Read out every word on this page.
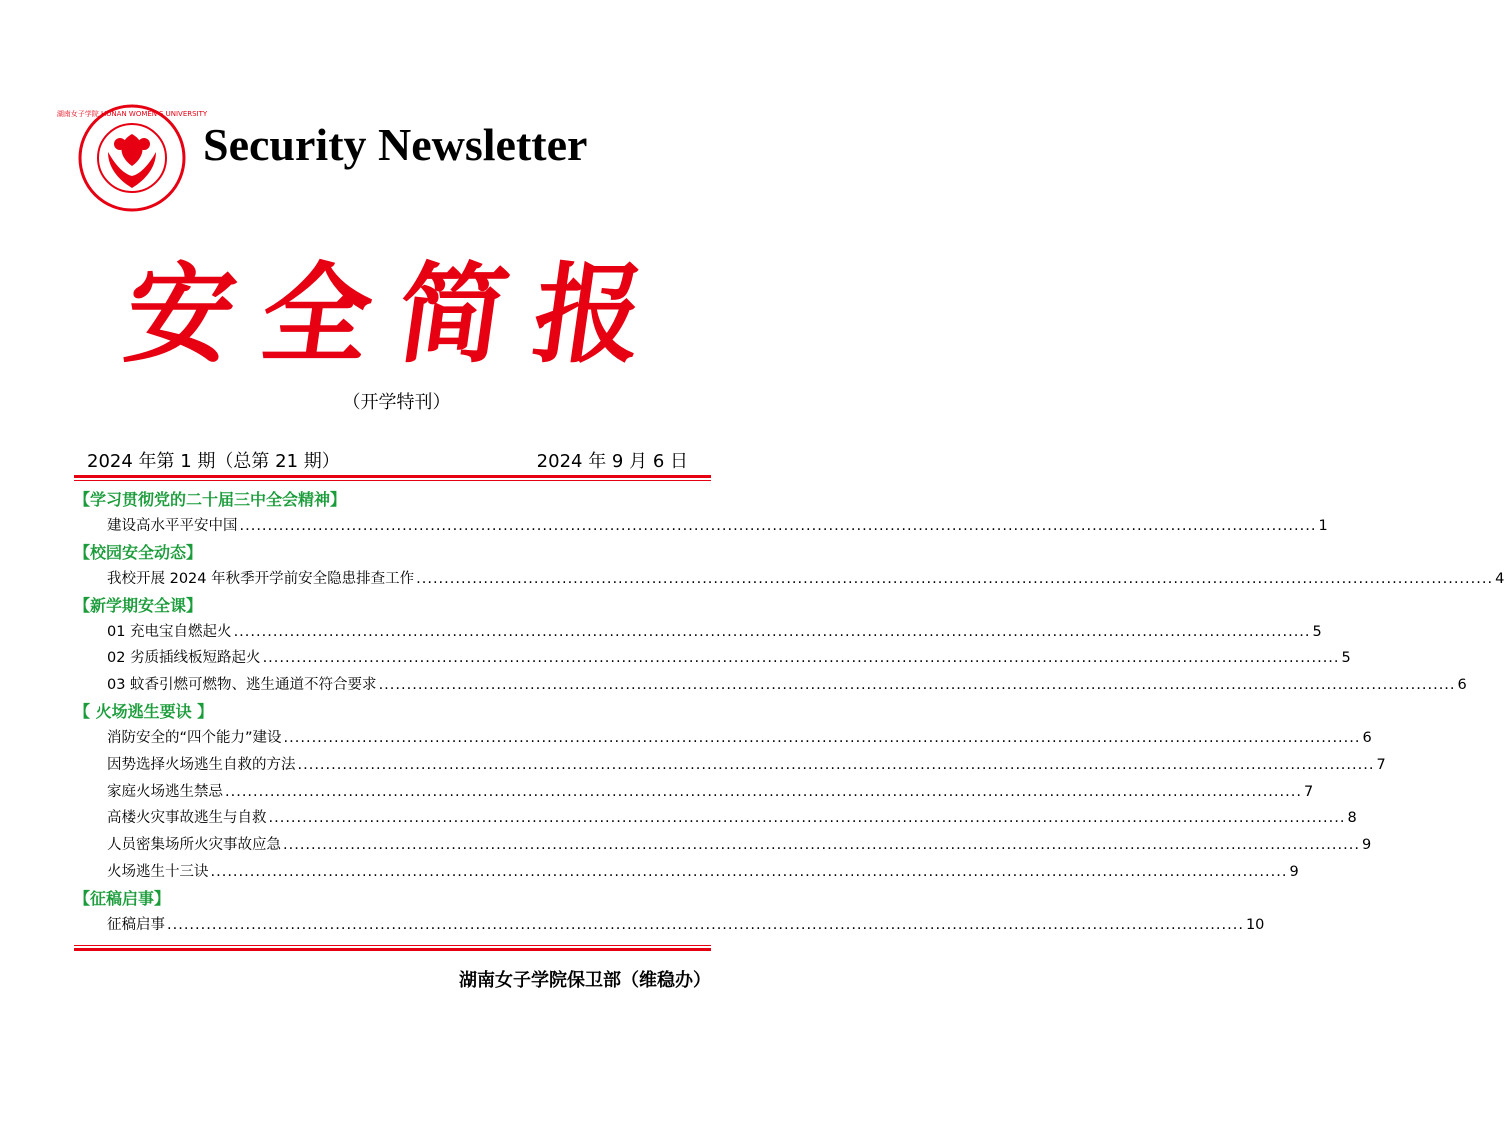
湖南女子学院 HUNAN WOMEN'S UNIVERSITY
Security Newsletter
安全简报
（开学特刊）
2024 年第 1 期（总第 21 期）	2024 年 9 月 6 日
【学习贯彻党的二十届三中全会精神】
建设高水平平安中国 .....	1
【校园安全动态】
我校开展 2024 年秋季开学前安全隐患排查工作 .....	4
【新学期安全课】
01 充电宝自燃起火 .....	5
02 劣质插线板短路起火 .....	5
03 蚊香引燃可燃物、逃生通道不符合要求 .....	6
【 火场逃生要诀 】
消防安全的“四个能力”建设 .....	6
因势选择火场逃生自救的方法 .....	7
家庭火场逃生禁忌 .....	7
高楼火灾事故逃生与自救 .....	8
人员密集场所火灾事故应急 .....	9
火场逃生十三诀 .....	9
【征稿启事】
征稿启事 .....	10
湖南女子学院保卫部（维稳办）
